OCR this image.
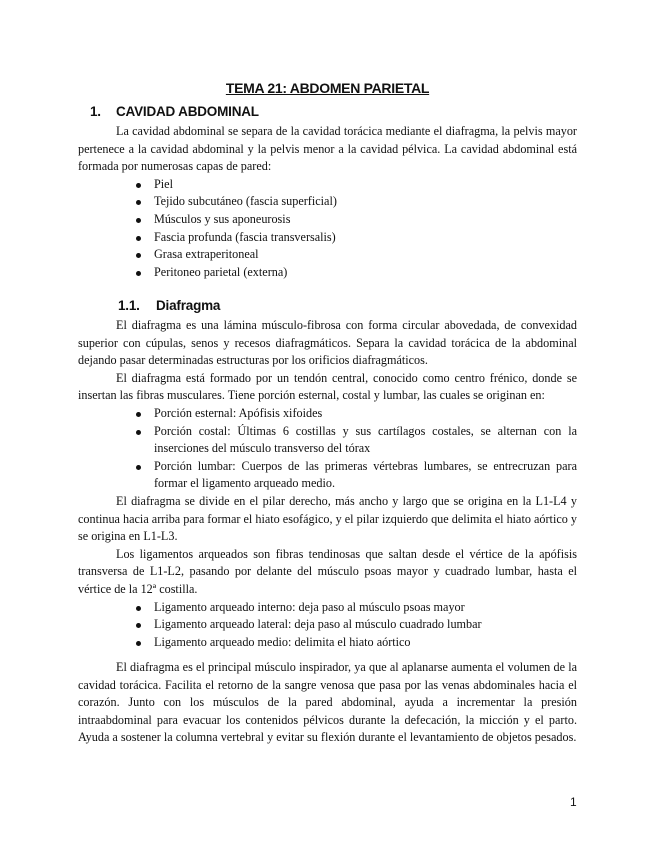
TEMA 21: ABDOMEN PARIETAL
1. CAVIDAD ABDOMINAL

La cavidad abdominal se separa de la cavidad torácica mediante el diafragma, la pelvis mayor pertenece a la cavidad abdominal y la pelvis menor a la cavidad pélvica. La cavidad abdominal está formada por numerosas capas de pared:

Piel
Tejido subcutáneo (fascia superficial)
Músculos y sus aponeurosis
Fascia profunda (fascia transversalis)
Grasa extraperitoneal
Peritoneo parietal (externa)
1.1. Diafragma

El diafragma es una lámina músculo-fibrosa con forma circular abovedada, de convexidad superior con cúpulas, senos y recesos diafragmáticos. Separa la cavidad torácica de la abdominal dejando pasar determinadas estructuras por los orificios diafragmáticos.

El diafragma está formado por un tendón central, conocido como centro frénico, donde se insertan las fibras musculares. Tiene porción esternal, costal y lumbar, las cuales se originan en:

Porción esternal: Apófisis xifoides
Porción costal: Últimas 6 costillas y sus cartílagos costales, se alternan con la inserciones del músculo transverso del tórax
Porción lumbar: Cuerpos de las primeras vértebras lumbares, se entrecruzan para formar el ligamento arqueado medio.

El diafragma se divide en el pilar derecho, más ancho y largo que se origina en la L1-L4 y continua hacia arriba para formar el hiato esofágico, y el pilar izquierdo que delimita el hiato aórtico y se origina en L1-L3.

Los ligamentos arqueados son fibras tendinosas que saltan desde el vértice de la apófisis transversa de L1-L2, pasando por delante del músculo psoas mayor y cuadrado lumbar, hasta el vértice de la 12ª costilla.

Ligamento arqueado interno: deja paso al músculo psoas mayor
Ligamento arqueado lateral: deja paso al músculo cuadrado lumbar
Ligamento arqueado medio: delimita el hiato aórtico

El diafragma es el principal músculo inspirador, ya que al aplanarse aumenta el volumen de la cavidad torácica. Facilita el retorno de la sangre venosa que pasa por las venas abdominales hacia el corazón. Junto con los músculos de la pared abdominal, ayuda a incrementar la presión intraabdominal para evacuar los contenidos pélvicos durante la defecación, la micción y el parto. Ayuda a sostener la columna vertebral y evitar su flexión durante el levantamiento de objetos pesados.

1
